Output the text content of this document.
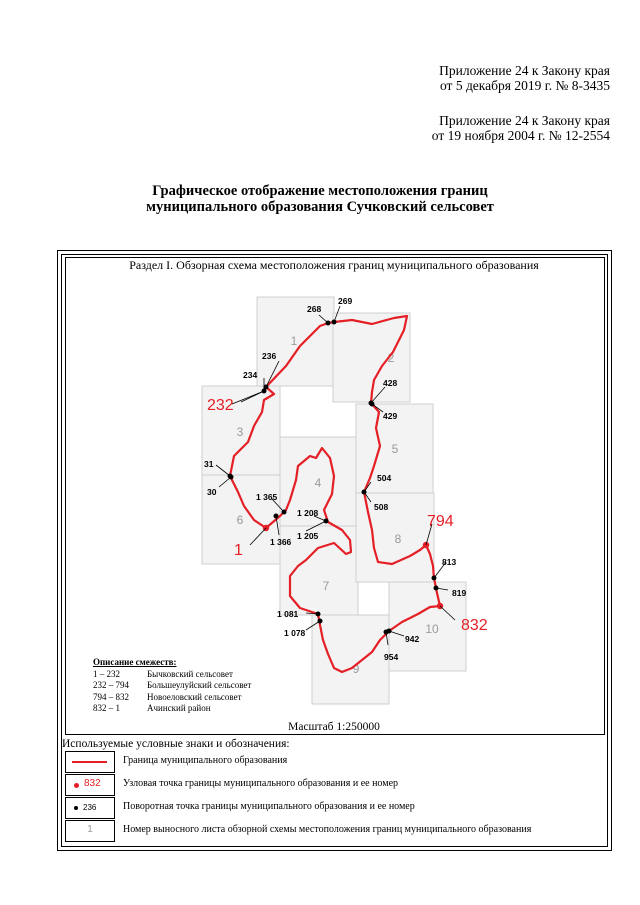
Приложение 24 к Закону края
от 5 декабря 2019 г. № 8-3435
Приложение 24 к Закону края
от 19 ноября 2004 г. № 12-2554
Графическое отображение местоположения границ
муниципального образования Сучковский сельсовет
Раздел I. Обзорная схема местоположения границ муниципального образования
1
2
3
4
5
6
7
8
9
10
268
269
236
234
428
429
31
30
504
508
1 365
1 208
1 205
1 366
813
819
1 081
1 078
942
954
232
794
832
1
Описание смежеств:
1 – 232	Бычковский сельсовет
232 – 794 Большеулуйский сельсовет
794 – 832 Новоеловский сельсовет
832 – 1	Ачинский район
Масштаб 1:250000
Используемые условные знаки и обозначения:
Граница муниципального образования
832 Узловая точка границы муниципального образования и ее номер
236	Поворотная точка границы муниципального образования и ее номер
1	Номер выносного листа обзорной схемы местоположения границ муниципального образования
